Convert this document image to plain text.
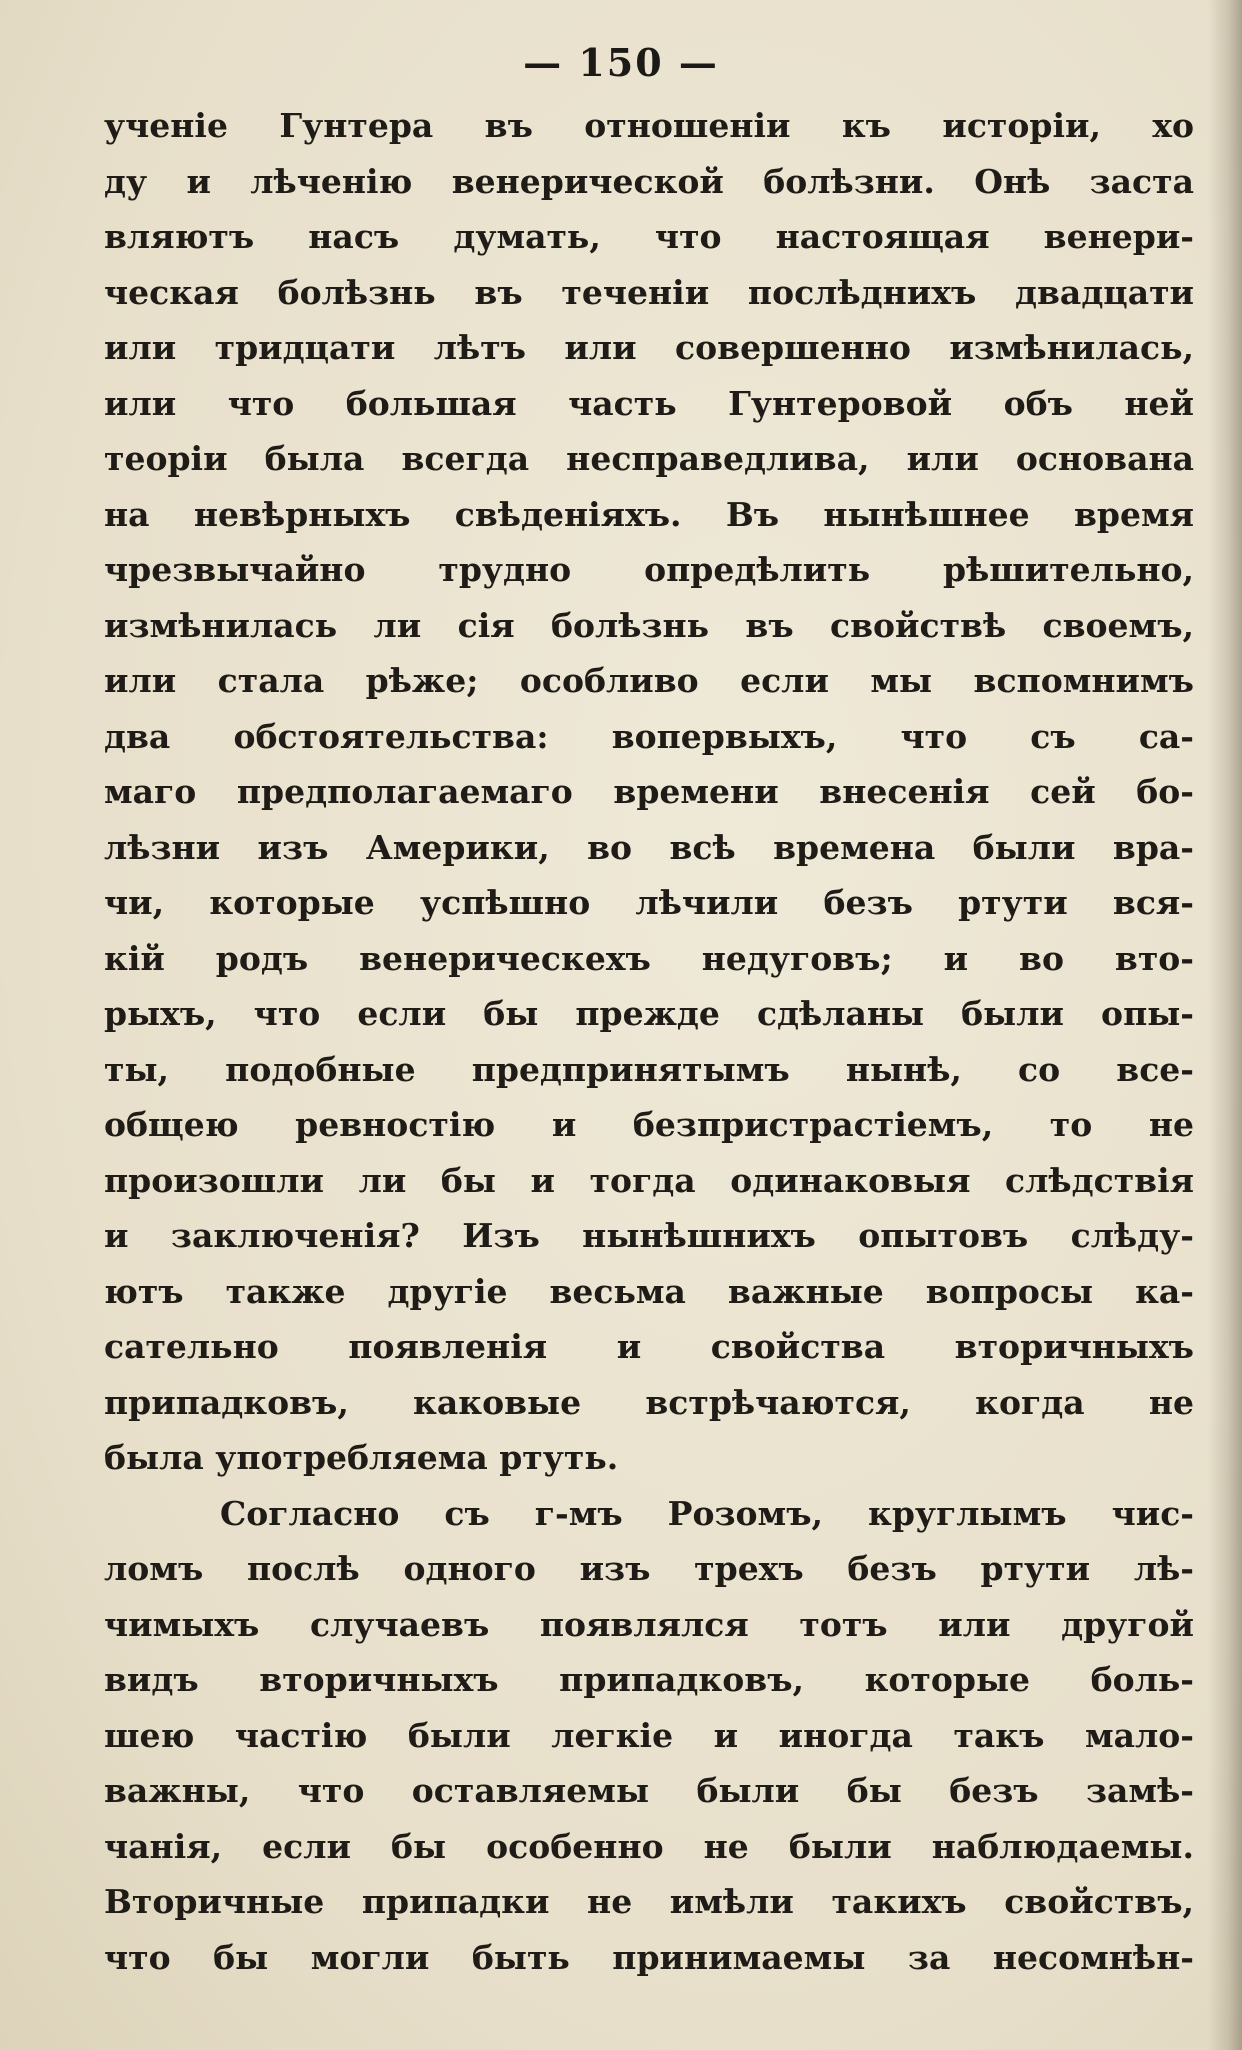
— 150 —
ученіе Гунтера въ отношеніи къ исторіи, хо
ду и лѣченію венерической болѣзни. Онѣ заста
вляютъ насъ думать, что настоящая венери-
ческая болѣзнь въ теченіи послѣднихъ двадцати
или тридцати лѣтъ или совершенно измѣнилась,
или что большая часть Гунтеровой объ ней
теоріи была всегда несправедлива, или основана
на невѣрныхъ свѣденіяхъ. Въ нынѣшнее время
чрезвычайно трудно опредѣлить рѣшительно,
измѣнилась ли сія болѣзнь въ свойствѣ своемъ,
или стала рѣже; особливо если мы вспомнимъ
два обстоятельства: вопервыхъ, что съ са-
маго предполагаемаго времени внесенія сей бо-
лѣзни изъ Америки, во всѣ времена были вра-
чи, которые успѣшно лѣчили безъ ртути вся-
кій родъ венерическехъ недуговъ; и во вто-
рыхъ, что если бы прежде сдѣланы были опы-
ты, подобные предпринятымъ нынѣ, со все-
общею ревностію и безпристрастіемъ, то не
произошли ли бы и тогда одинаковыя слѣдствія
и заключенія? Изъ нынѣшнихъ опытовъ слѣду-
ютъ также другіе весьма важные вопросы ка-
сательно появленія и свойства вторичныхъ
припадковъ, каковые встрѣчаются, когда не
была употребляема ртуть.
Согласно съ г-мъ Розомъ, круглымъ чис-
ломъ послѣ одного изъ трехъ безъ ртути лѣ-
чимыхъ случаевъ появлялся тотъ или другой
видъ вторичныхъ припадковъ, которые боль-
шею частію были легкіе и иногда такъ мало-
важны, что оставляемы были бы безъ замѣ-
чанія, если бы особенно не были наблюдаемы.
Вторичные припадки не имѣли такихъ свойствъ,
что бы могли быть принимаемы за несомнѣн-
